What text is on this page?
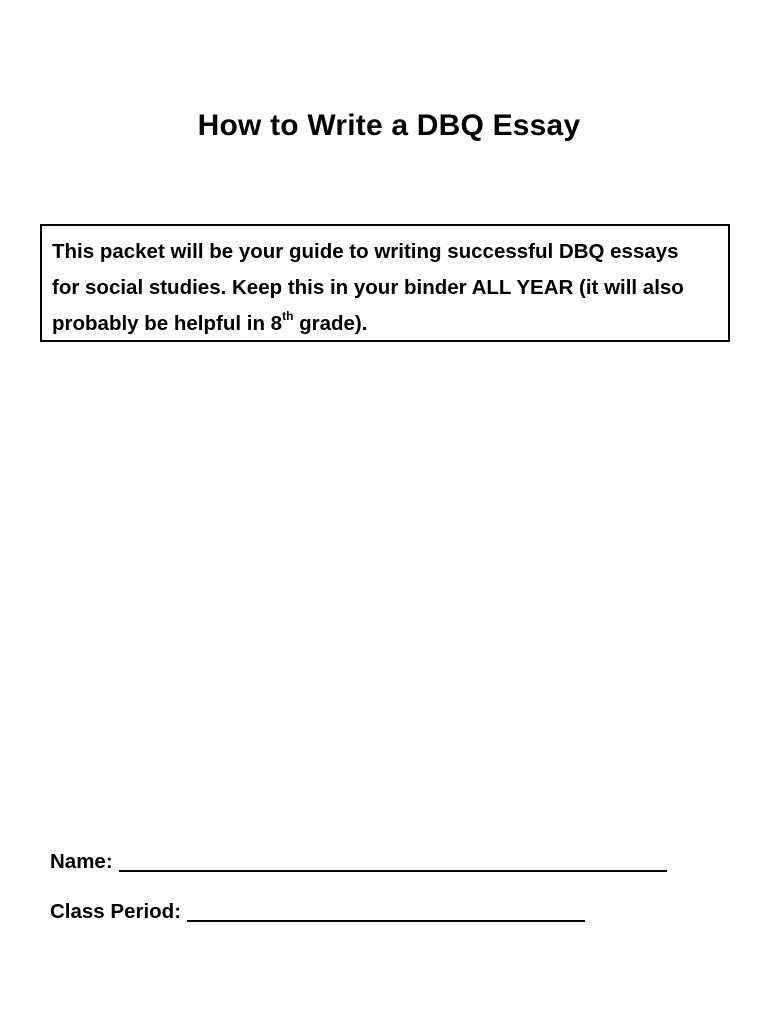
How to Write a DBQ Essay
This packet will be your guide to writing successful DBQ essays
for social studies. Keep this in your binder ALL YEAR (it will also
probably be helpful in 8th grade).
Name:
Class Period:
